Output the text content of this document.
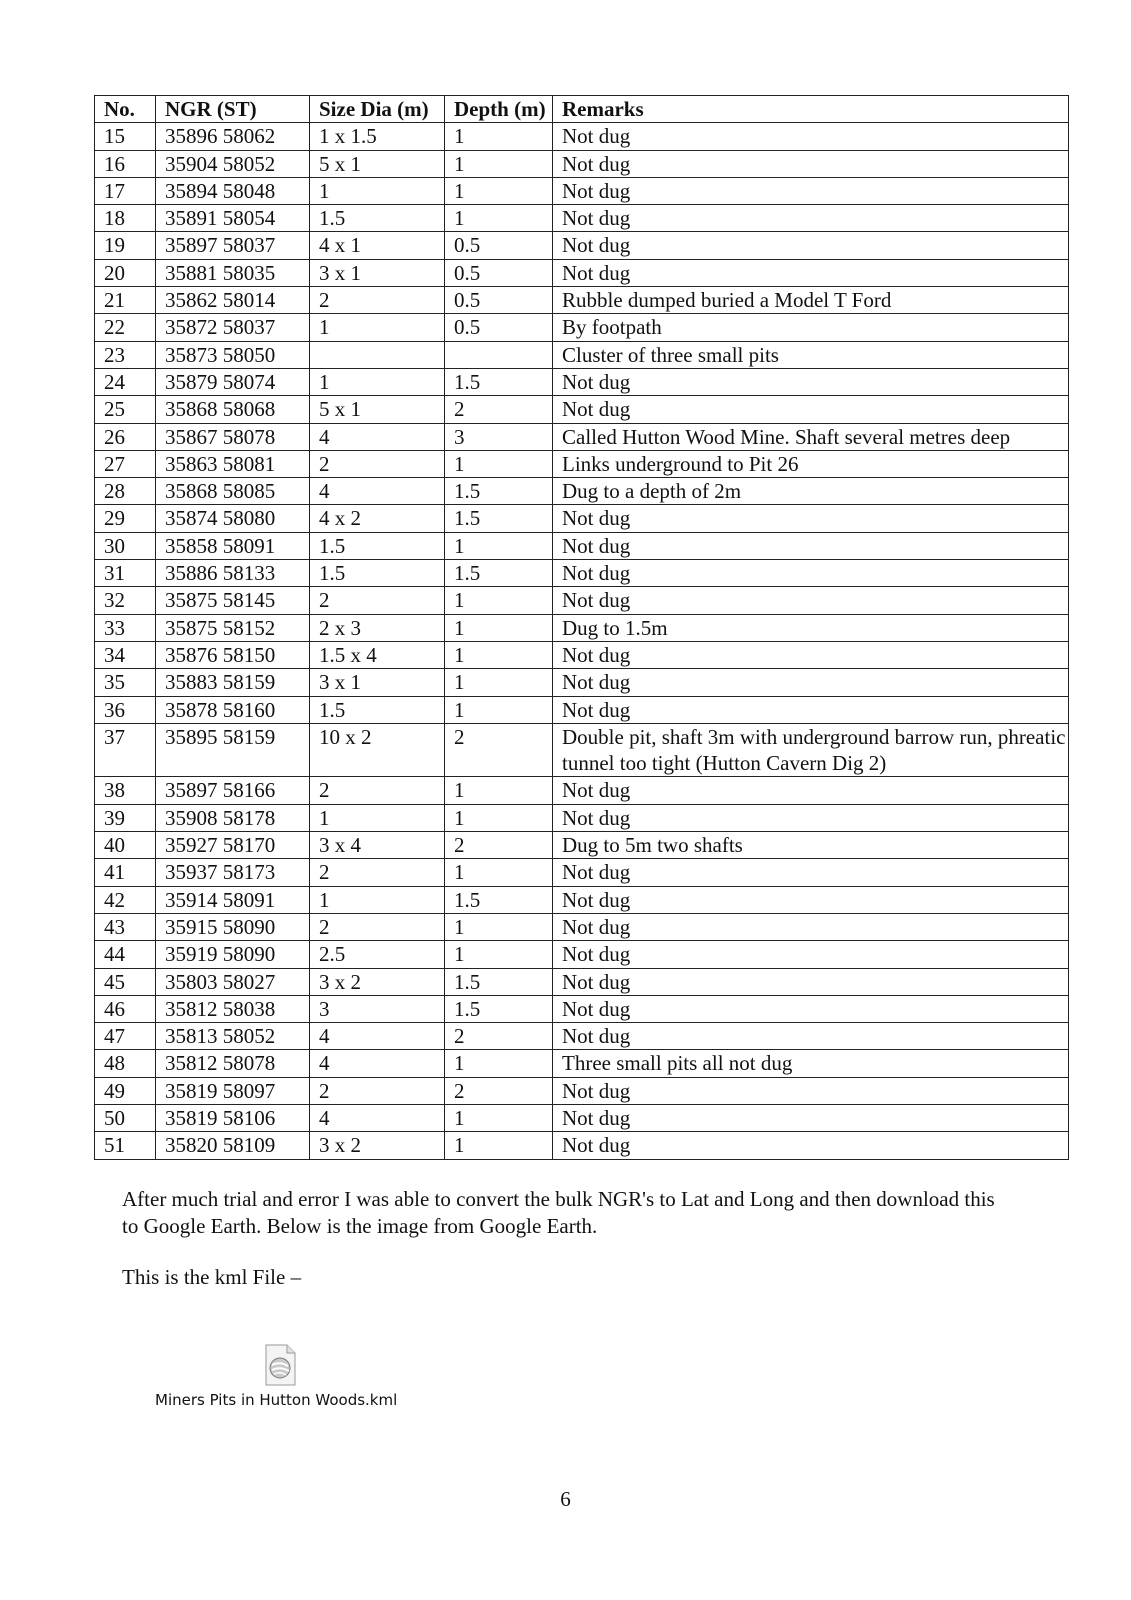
No.	NGR (ST)	Size Dia (m)	Depth (m)	Remarks
15	35896 58062	1 x 1.5	1	Not dug
16	35904 58052	5 x 1	1	Not dug
17	35894 58048	1	1	Not dug
18	35891 58054	1.5	1	Not dug
19	35897 58037	4 x 1	0.5	Not dug
20	35881 58035	3 x 1	0.5	Not dug
21	35862 58014	2	0.5	Rubble dumped buried a Model T Ford
22	35872 58037	1	0.5	By footpath
23	35873 58050			Cluster of three small pits
24	35879 58074	1	1.5	Not dug
25	35868 58068	5 x 1	2	Not dug
26	35867 58078	4	3	Called Hutton Wood Mine. Shaft several metres deep
27	35863 58081	2	1	Links underground to Pit 26
28	35868 58085	4	1.5	Dug to a depth of 2m
29	35874 58080	4 x 2	1.5	Not dug
30	35858 58091	1.5	1	Not dug
31	35886 58133	1.5	1.5	Not dug
32	35875 58145	2	1	Not dug
33	35875 58152	2 x 3	1	Dug to 1.5m
34	35876 58150	1.5 x 4	1	Not dug
35	35883 58159	3 x 1	1	Not dug
36	35878 58160	1.5	1	Not dug
37	35895 58159	10 x 2	2	Double pit, shaft 3m with underground barrow run, phreatic tunnel too tight (Hutton Cavern Dig 2)
38	35897 58166	2	1	Not dug
39	35908 58178	1	1	Not dug
40	35927 58170	3 x 4	2	Dug to 5m two shafts
41	35937 58173	2	1	Not dug
42	35914 58091	1	1.5	Not dug
43	35915 58090	2	1	Not dug
44	35919 58090	2.5	1	Not dug
45	35803 58027	3 x 2	1.5	Not dug
46	35812 58038	3	1.5	Not dug
47	35813 58052	4	2	Not dug
48	35812 58078	4	1	Three small pits all not dug
49	35819 58097	2	2	Not dug
50	35819 58106	4	1	Not dug
51	35820 58109	3 x 2	1	Not dug

After much trial and error I was able to convert the bulk NGR's to Lat and Long and then download this to Google Earth. Below is the image from Google Earth.

This is the kml File –

Miners Pits in Hutton Woods.kml
6
